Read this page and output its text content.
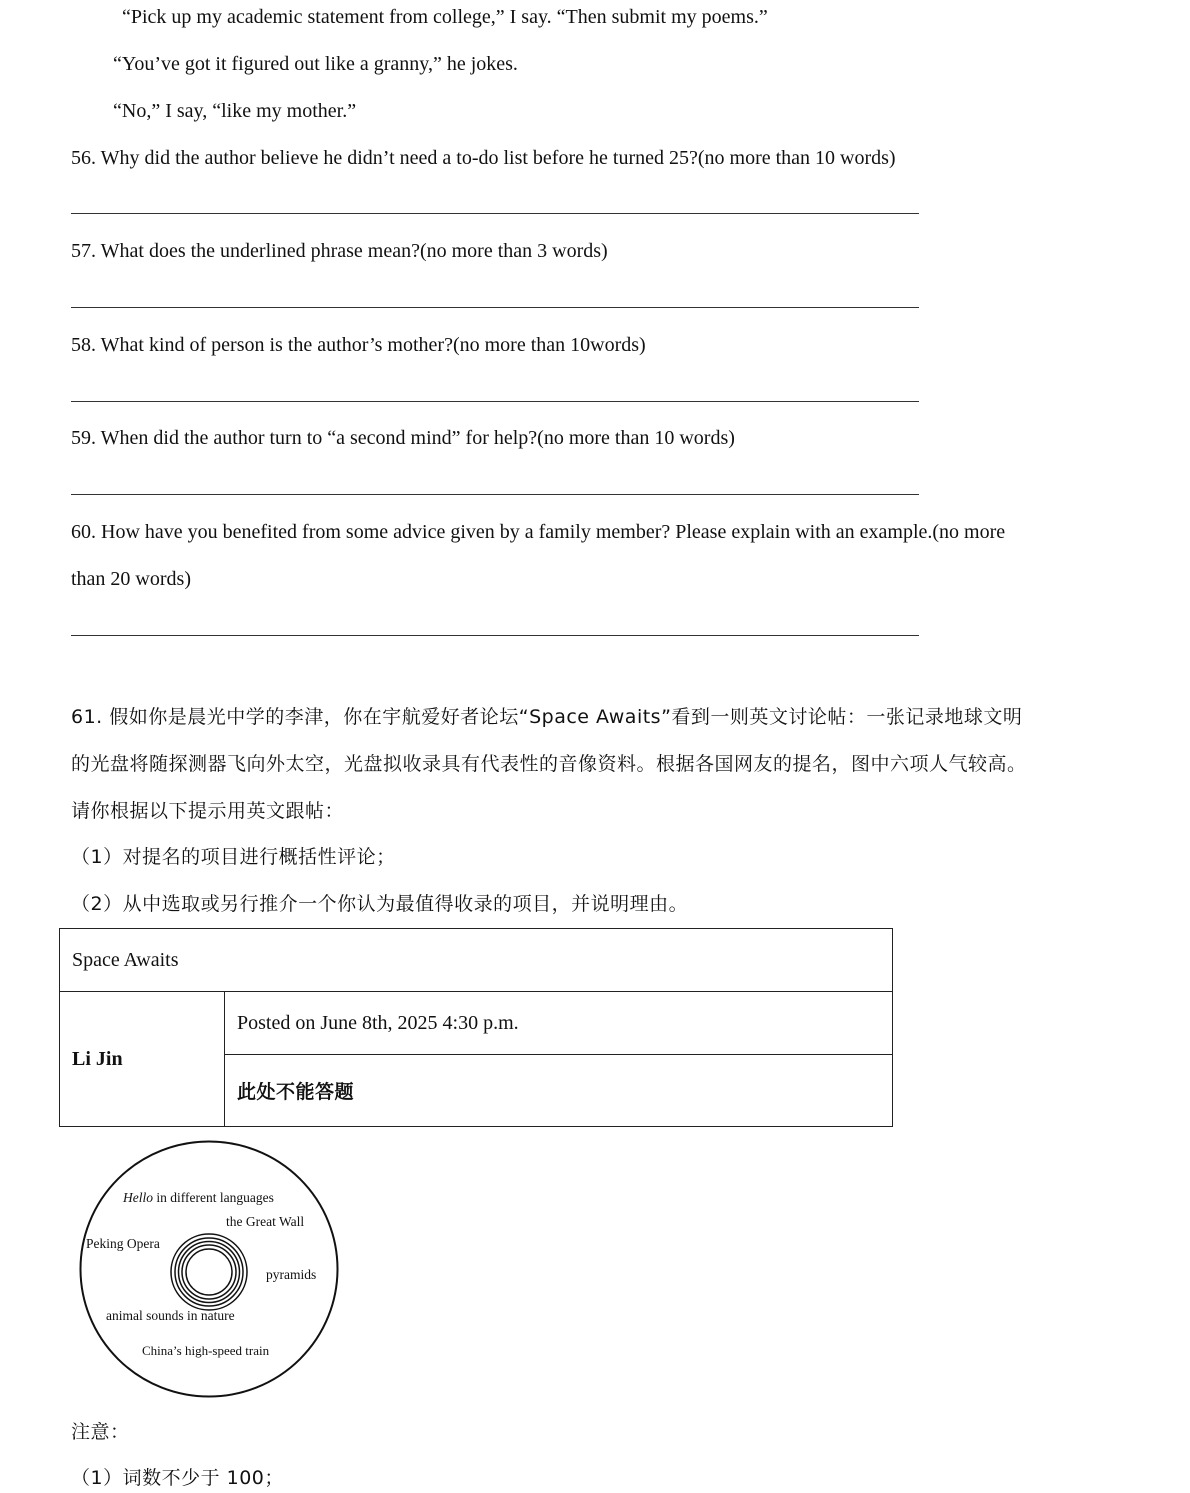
“Pick up my academic statement from college,” I say. “Then submit my poems.”
“You’ve got it figured out like a granny,” he jokes.
“No,” I say, “like my mother.”
56. Why did the author believe he didn’t need a to-do list before he turned 25?(no more than 10 words)
57. What does the underlined phrase mean?(no more than 3 words)
58. What kind of person is the author’s mother?(no more than 10words)
59. When did the author turn to “a second mind” for help?(no more than 10 words)
60. How have you benefited from some advice given by a family member? Please explain with an example.(no more
than 20 words)
61. 假如你是晨光中学的李津，你在宇航爱好者论坛“Space Awaits”看到一则英文讨论帖：一张记录地球文明
的光盘将随探测器飞向外太空，光盘拟收录具有代表性的音像资料。根据各国网友的提名，图中六项人气较高。
请你根据以下提示用英文跟帖：
（1）对提名的项目进行概括性评论；
（2）从中选取或另行推介一个你认为最值得收录的项目，并说明理由。
Space Awaits
Li Jin	Posted on June 8th, 2025 4:30 p.m.
此处不能答题
Hello in different languages
the Great Wall
Peking Opera
pyramids
animal sounds in nature
China’s high-speed train
注意：
（1）词数不少于 100；
